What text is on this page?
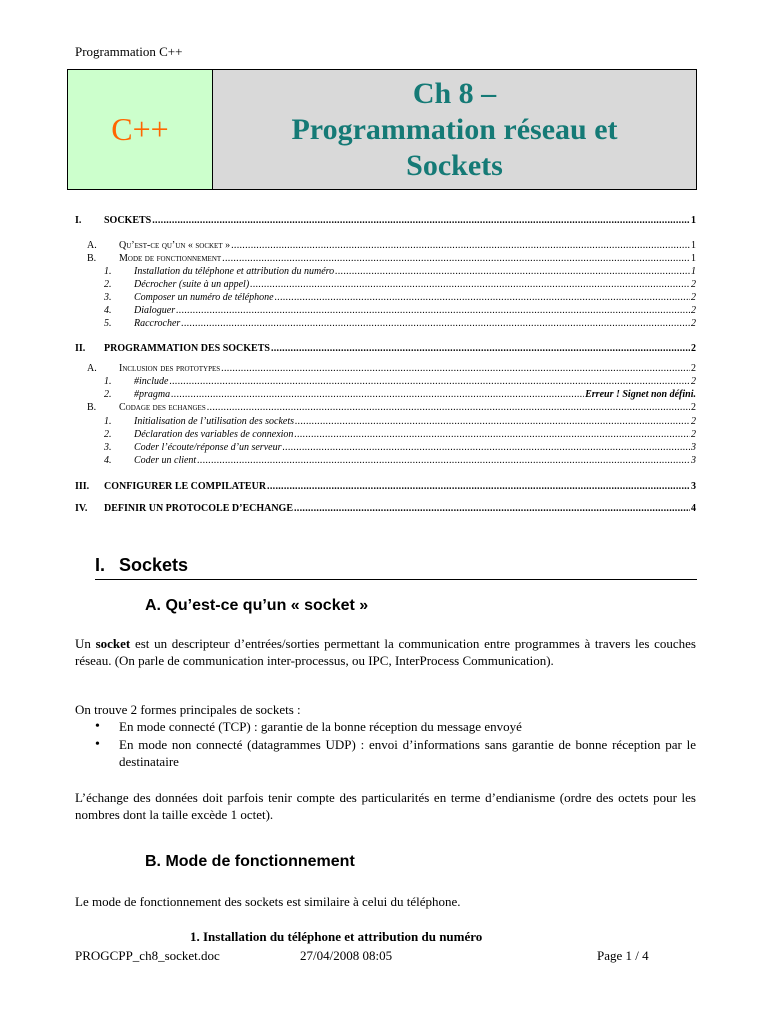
Programmation C++
C++
Ch 8 –
Programmation réseau et
Sockets
I.	SOCKETS .....	1
A.	Qu’est-ce qu’un « socket » .....	1
B.	Mode de fonctionnement .....	1
1.	Installation du téléphone et attribution du numéro .....	1
2.	Décrocher (suite à un appel) .....	2
3.	Composer un numéro de téléphone .....	2
4.	Dialoguer .....	2
5.	Raccrocher .....	2
II.	PROGRAMMATION DES SOCKETS .....	2
A.	Inclusion des prototypes .....	2
1.	#include .....	2
2.	#pragma .....	Erreur ! Signet non défini.
B.	Codage des echanges .....	2
1.	Initialisation de l’utilisation des sockets .....	2
2.	Déclaration des variables de connexion .....	2
3.	Coder l’écoute/réponse d’un serveur .....	3
4.	Coder un client .....	3
III.	CONFIGURER LE COMPILATEUR .....	3
IV.	DEFINIR UN PROTOCOLE D’ECHANGE .....	4
I. Sockets
A. Qu’est-ce qu’un « socket »
Un socket est un descripteur d’entrées/sorties permettant la communication entre programmes à travers les couches réseau. (On parle de communication inter-processus, ou IPC, InterProcess Communication).
On trouve 2 formes principales de sockets :
•	En mode connecté (TCP) : garantie de la bonne réception du message envoyé
•	En mode non connecté (datagrammes UDP) : envoi d’informations sans garantie de bonne réception par le destinataire
L’échange des données doit parfois tenir compte des particularités en terme d’endianisme (ordre des octets pour les nombres dont la taille excède 1 octet).
B. Mode de fonctionnement
Le mode de fonctionnement des sockets est similaire à celui du téléphone.
1. Installation du téléphone et attribution du numéro
PROGCPP_ch8_socket.doc	27/04/2008 08:05	Page 1 / 4
